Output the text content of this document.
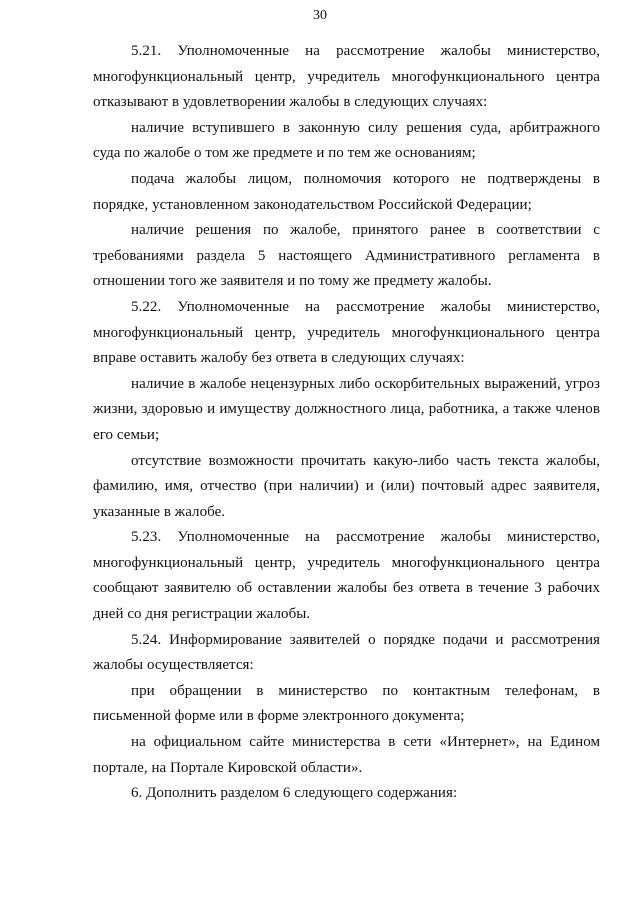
30

5.21. Уполномоченные на рассмотрение жалобы министерство, многофункциональный центр, учредитель многофункционального центра отказывают в удовлетворении жалобы в следующих случаях:

наличие вступившего в законную силу решения суда, арбитражного суда по жалобе о том же предмете и по тем же основаниям;

подача жалобы лицом, полномочия которого не подтверждены в порядке, установленном законодательством Российской Федерации;

наличие решения по жалобе, принятого ранее в соответствии с требованиями раздела 5 настоящего Административного регламента в отношении того же заявителя и по тому же предмету жалобы.

5.22. Уполномоченные на рассмотрение жалобы министерство, многофункциональный центр, учредитель многофункционального центра вправе оставить жалобу без ответа в следующих случаях:

наличие в жалобе нецензурных либо оскорбительных выражений, угроз жизни, здоровью и имуществу должностного лица, работника, а также членов его семьи;

отсутствие возможности прочитать какую-либо часть текста жалобы, фамилию, имя, отчество (при наличии) и (или) почтовый адрес заявителя, указанные в жалобе.

5.23. Уполномоченные на рассмотрение жалобы министерство, многофункциональный центр, учредитель многофункционального центра сообщают заявителю об оставлении жалобы без ответа в течение 3 рабочих дней со дня регистрации жалобы.

5.24. Информирование заявителей о порядке подачи и рассмотрения жалобы осуществляется:

при обращении в министерство по контактным телефонам, в письменной форме или в форме электронного документа;

на официальном сайте министерства в сети «Интернет», на Едином портале, на Портале Кировской области».

6. Дополнить разделом 6 следующего содержания:
